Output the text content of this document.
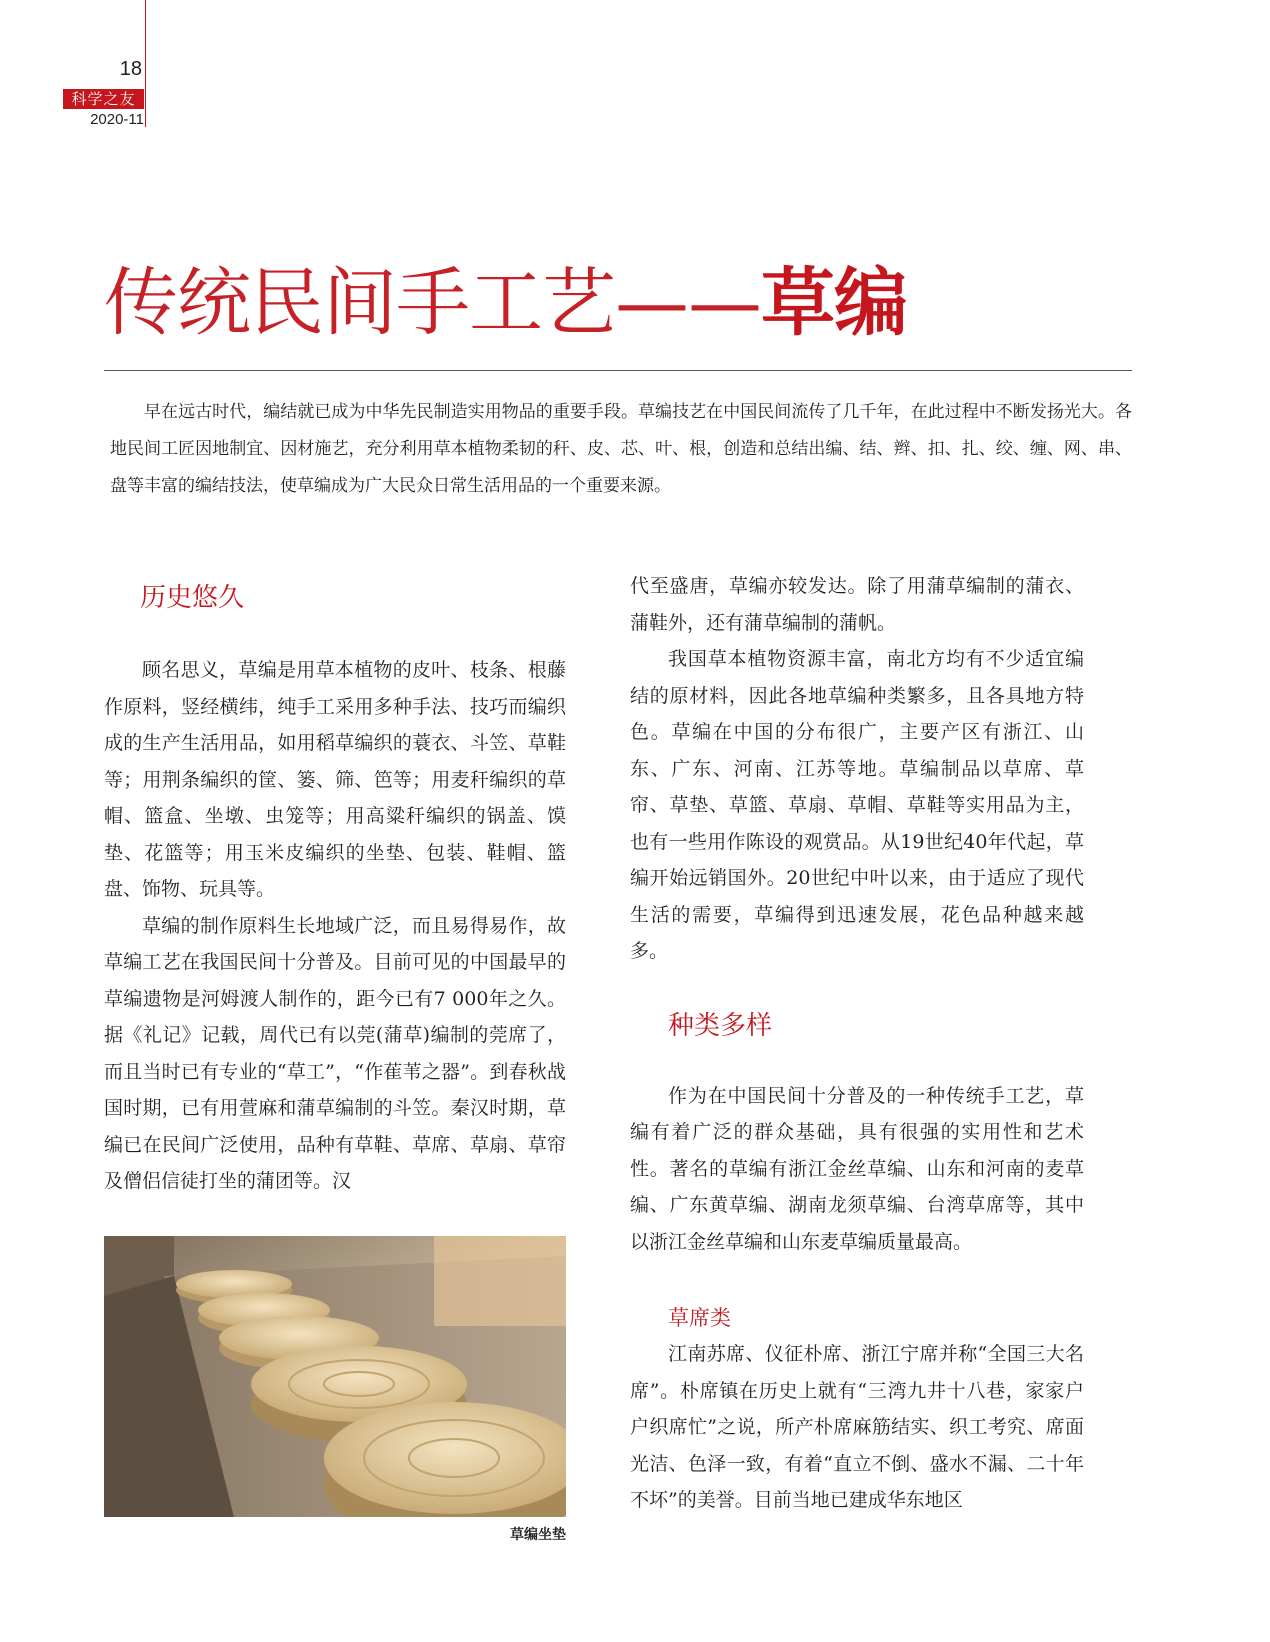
18
科学之友
2020-11
传统民间手工艺——草编
早在远古时代，编结就已成为中华先民制造实用物品的重要手段。草编技艺在中国民间流传了几千年，在此过程中不断发扬光大。各地民间工匠因地制宜、因材施艺，充分利用草本植物柔韧的秆、皮、芯、叶、根，创造和总结出编、结、辫、扣、扎、绞、缠、网、串、盘等丰富的编结技法，使草编成为广大民众日常生活用品的一个重要来源。
历史悠久

顾名思义，草编是用草本植物的皮叶、枝条、根藤作原料，竖经横纬，纯手工采用多种手法、技巧而编织成的生产生活用品，如用稻草编织的蓑衣、斗笠、草鞋等；用荆条编织的筐、篓、筛、笆等；用麦秆编织的草帽、篮盒、坐墩、虫笼等；用高粱秆编织的锅盖、馍垫、花篮等；用玉米皮编织的坐垫、包装、鞋帽、篮盘、饰物、玩具等。

草编的制作原料生长地域广泛，而且易得易作，故草编工艺在我国民间十分普及。目前可见的中国最早的草编遗物是河姆渡人制作的，距今已有7 000年之久。据《礼记》记载，周代已有以莞(蒲草)编制的莞席了，而且当时已有专业的“草工”，“作萑苇之器”。到春秋战国时期，已有用萱麻和蒲草编制的斗笠。秦汉时期，草编已在民间广泛使用，品种有草鞋、草席、草扇、草帘及僧侣信徒打坐的蒲团等。汉

草编坐垫

代至盛唐，草编亦较发达。除了用蒲草编制的蒲衣、蒲鞋外，还有蒲草编制的蒲帆。

我国草本植物资源丰富，南北方均有不少适宜编结的原材料，因此各地草编种类繁多，且各具地方特色。草编在中国的分布很广，主要产区有浙江、山东、广东、河南、江苏等地。草编制品以草席、草帘、草垫、草篮、草扇、草帽、草鞋等实用品为主，也有一些用作陈设的观赏品。从19世纪40年代起，草编开始远销国外。20世纪中叶以来，由于适应了现代生活的需要，草编得到迅速发展，花色品种越来越多。

种类多样

作为在中国民间十分普及的一种传统手工艺，草编有着广泛的群众基础，具有很强的实用性和艺术性。著名的草编有浙江金丝草编、山东和河南的麦草编、广东黄草编、湖南龙须草编、台湾草席等，其中以浙江金丝草编和山东麦草编质量最高。

草席类

江南苏席、仪征朴席、浙江宁席并称“全国三大名席”。朴席镇在历史上就有“三湾九井十八巷，家家户户织席忙”之说，所产朴席麻筋结实、织工考究、席面光洁、色泽一致，有着“直立不倒、盛水不漏、二十年不坏”的美誉。目前当地已建成华东地区
